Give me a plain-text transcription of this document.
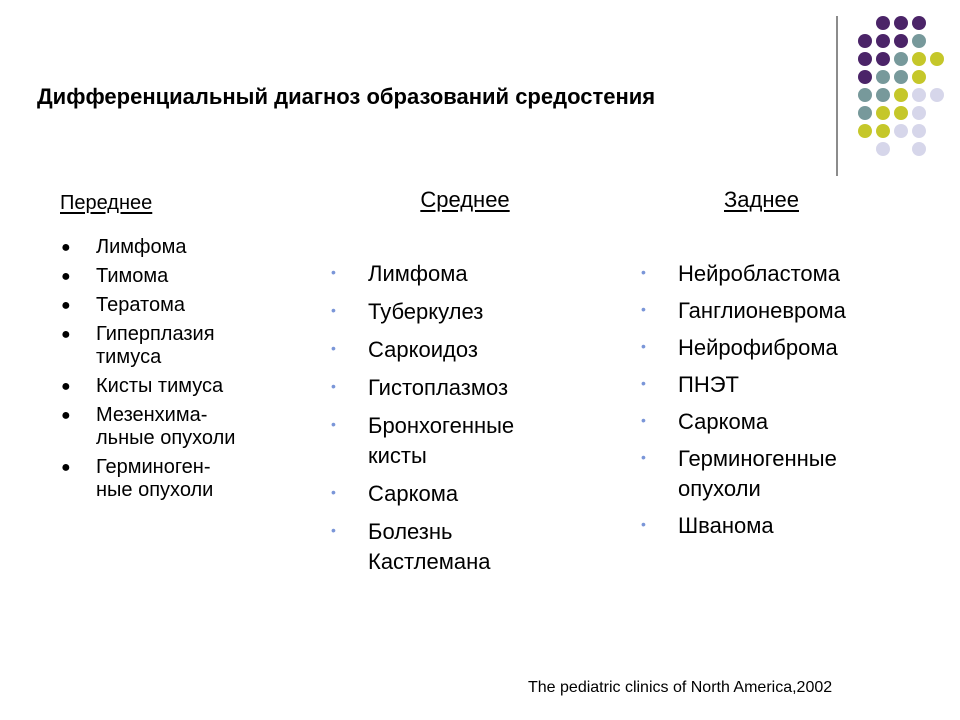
Дифференциальный диагноз образований средостения
Переднее
● Лимфома
● Тимома
● Тератома
● Гиперплазия
тимуса
● Кисты тимуса
● Мезенхима-
льные опухоли
● Герминоген-
ные опухоли
Среднее
• Лимфома
• Туберкулез
• Саркоидоз
• Гистоплазмоз
• Бронхогенные
кисты
• Саркома
• Болезнь
Кастлемана
Заднее
• Нейробластома
• Ганглионеврома
• Нейрофиброма
• ПНЭТ
• Саркома
• Герминогенные
опухоли
• Шванома
The pediatric clinics of North America,2002
